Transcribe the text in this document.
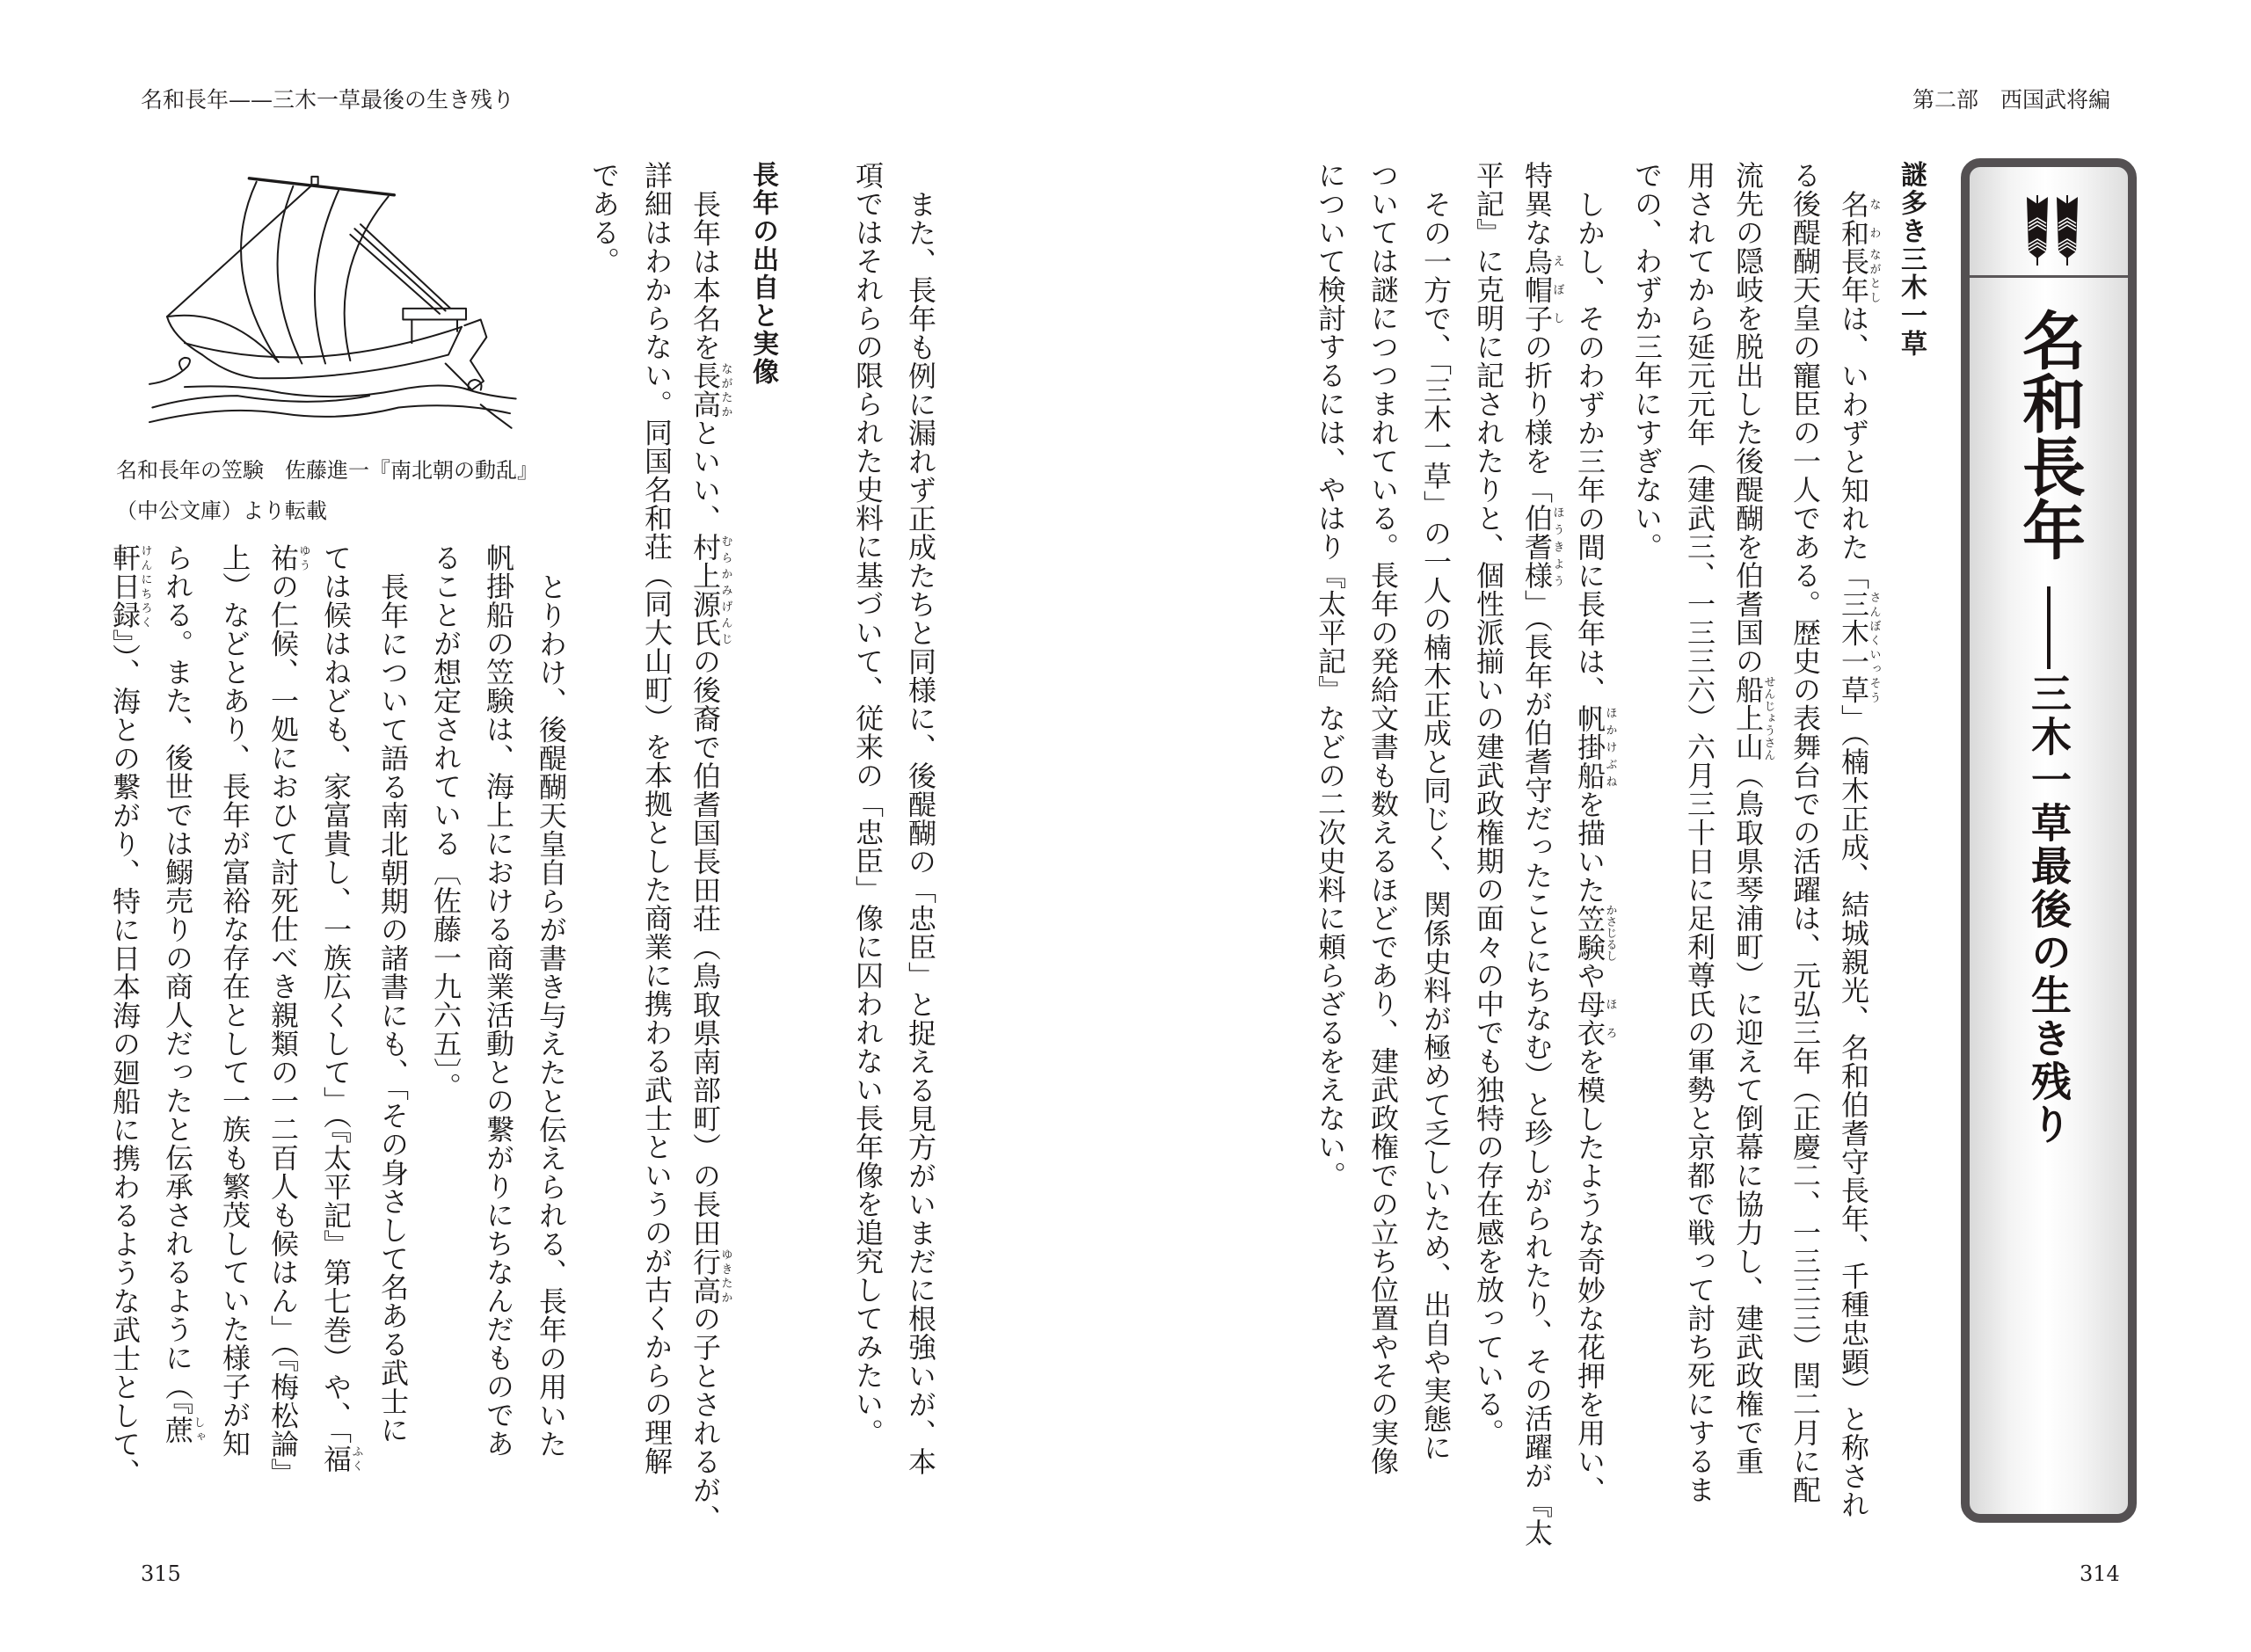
名和長年——三木一草最後の生き残り	第二部　西国武将編
名和長年
三木一草最後の生き残り
謎多き三木一草
名な和わ長年ながとしは、いわずと知れた「三木一草さんぼくいっそう」（楠木正成、結城親光、名和伯耆守長年、千種忠顕）と称され
る後醍醐天皇の寵臣の一人である。歴史の表舞台での活躍は、元弘三年（正慶二、一三三三）閏二月に配
流先の隠岐を脱出した後醍醐を伯耆国の船上山せんじょうさん（鳥取県琴浦町）に迎えて倒幕に協力し、建武政権で重
用されてから延元元年（建武三、一三三六）六月三十日に足利尊氏の軍勢と京都で戦って討ち死にするま
での、わずか三年にすぎない。
しかし、そのわずか三年の間に長年は、帆掛船ほかけぶねを描いた笠験かさじるしや母衣ほろを模したような奇妙な花押を用い、
特異な烏帽子えぼしの折り様を「伯耆様ほうきよう」（長年が伯耆守だったことにちなむ）と珍しがられたり、その活躍が『太
平記』に克明に記されたりと、個性派揃いの建武政権期の面々の中でも独特の存在感を放っている。
その一方で、「三木一草」の一人の楠木正成と同じく、関係史料が極めて乏しいため、出自や実態に
ついては謎につつまれている。長年の発給文書も数えるほどであり、建武政権での立ち位置やその実像
について検討するには、やはり『太平記』などの二次史料に頼らざるをえない。
また、長年も例に漏れず正成たちと同様に、後醍醐の「忠臣」と捉える見方がいまだに根強いが、本
項ではそれらの限られた史料に基づいて、従来の「忠臣」像に囚われない長年像を追究してみたい。
長年の出自と実像
長年は本名を長高ながたかといい、村上源氏むらかみげんじの後裔で伯耆国長田荘（鳥取県南部町）の長田行高ゆきたかの子とされるが、
詳細はわからない。同国名和荘（同大山町）を本拠とした商業に携わる武士というのが古くからの理解
である。
名和長年の笠験　佐藤進一『南北朝の動乱』
（中公文庫）より転載
とりわけ、後醍醐天皇自らが書き与えたと伝えられる、長年の用いた
帆掛船の笠験は、海上における商業活動との繋がりにちなんだものであ
ることが想定されている〔佐藤一九六五〕。
長年について語る南北朝期の諸書にも、「その身さして名ある武士に
ては候はねども、家富貴し、一族広くして」（『太平記』第七巻）や、「福ふく
祐ゆうの仁候、一処におひて討死仕べき親類の一二百人も候はん」（『梅松論』
上）などとあり、長年が富裕な存在として一族も繁茂していた様子が知
られる。また、後世では鰯売りの商人だったと伝承されるように（『蔗しゃ
軒日録けんにちろく』）、海との繋がり、特に日本海の廻船に携わるような武士として、
315	314
